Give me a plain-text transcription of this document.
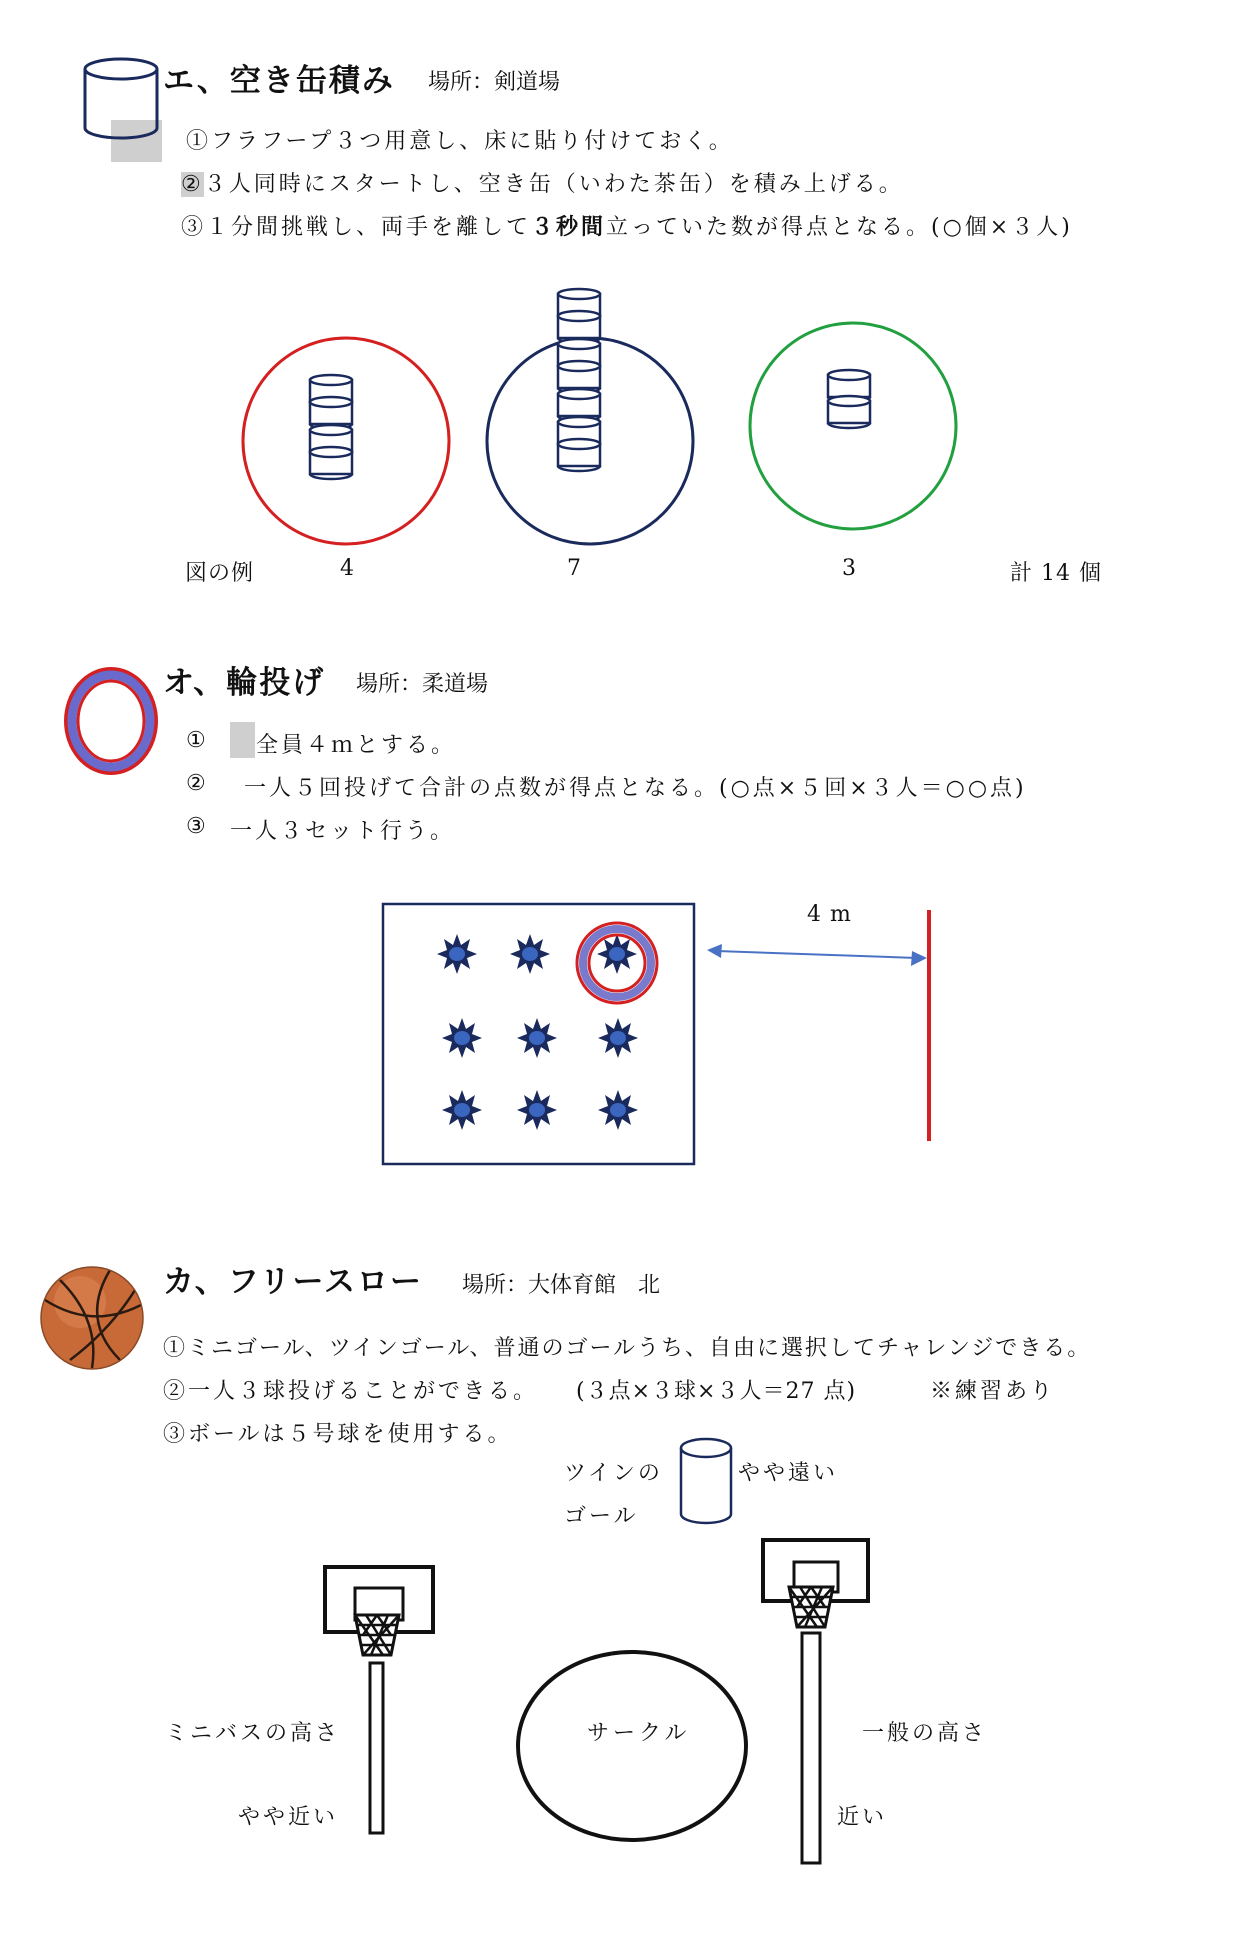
エ、空き缶積み 場所：剣道場
①フラフープ３つ用意し、床に貼り付けておく。
②３人同時にスタートし、空き缶（いわた茶缶）を積み上げる。
③１分間挑戦し、両手を離して３秒間立っていた数が得点となる。(○個×３人)
図の例	4	7	3	計 14 個
オ、輪投げ 場所：柔道場
① 全員４ｍとする。
② 一人５回投げて合計の点数が得点となる。(○点×５回×３人＝○○点)
③ 一人３セット行う。
4 m
カ、フリースロー 場所：大体育館　北
①ミニゴール、ツインゴール、普通のゴールうち、自由に選択してチャレンジできる。
②一人３球投げることができる。 (３点×３球×３人＝27 点)	※練習あり
③ボールは５号球を使用する。
ツインの
ゴール
やや遠い
ミニバスの高さ
やや近い
サークル	一般の高さ
近い
